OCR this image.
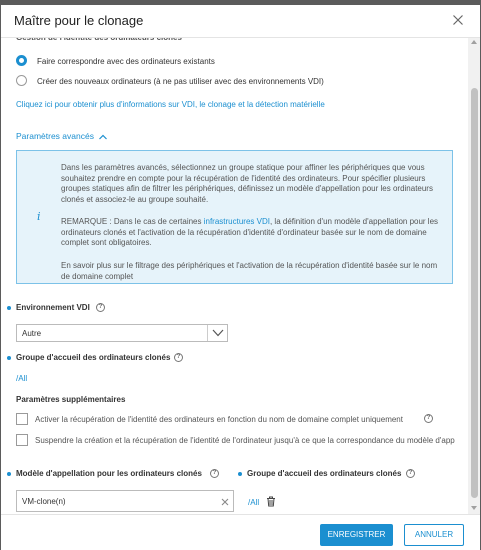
Maître pour le clonage
Faire correspondre avec des ordinateurs existants
Créer des nouveaux ordinateurs (à ne pas utiliser avec des environnements VDI)
Cliquez ici pour obtenir plus d'informations sur VDI, le clonage et la détection matérielle
Paramètres avancés
i
Dans les paramètres avancés, sélectionnez un groupe statique pour affiner les périphériques que vous souhaitez prendre en compte pour la récupération de l'identité des ordinateurs. Pour spécifier plusieurs groupes statiques afin de filtrer les périphériques, définissez un modèle d'appellation pour les ordinateurs clonés et associez-le au groupe souhaité.
REMARQUE : Dans le cas de certaines infrastructures VDI, la définition d'un modèle d'appellation pour les ordinateurs clonés et l'activation de la récupération d'identité d'ordinateur basée sur le nom de domaine complet sont obligatoires.
En savoir plus sur le filtrage des périphériques et l'activation de la récupération d'identité basée sur le nom de domaine complet
Environnement VDI	?
Autre
Groupe d'accueil des ordinateurs clonés	?
/All
Paramètres supplémentaires
Activer la récupération de l'identité des ordinateurs en fonction du nom de domaine complet uniquement	?
Suspendre la création et la récupération de l'identité de l'ordinateur jusqu'à ce que la correspondance du modèle d'app
Modèle d'appellation pour les ordinateurs clonés	?	Groupe d'accueil des ordinateurs clonés	?
VM-clone(n)	/All
ENREGISTRER	ANNULER
